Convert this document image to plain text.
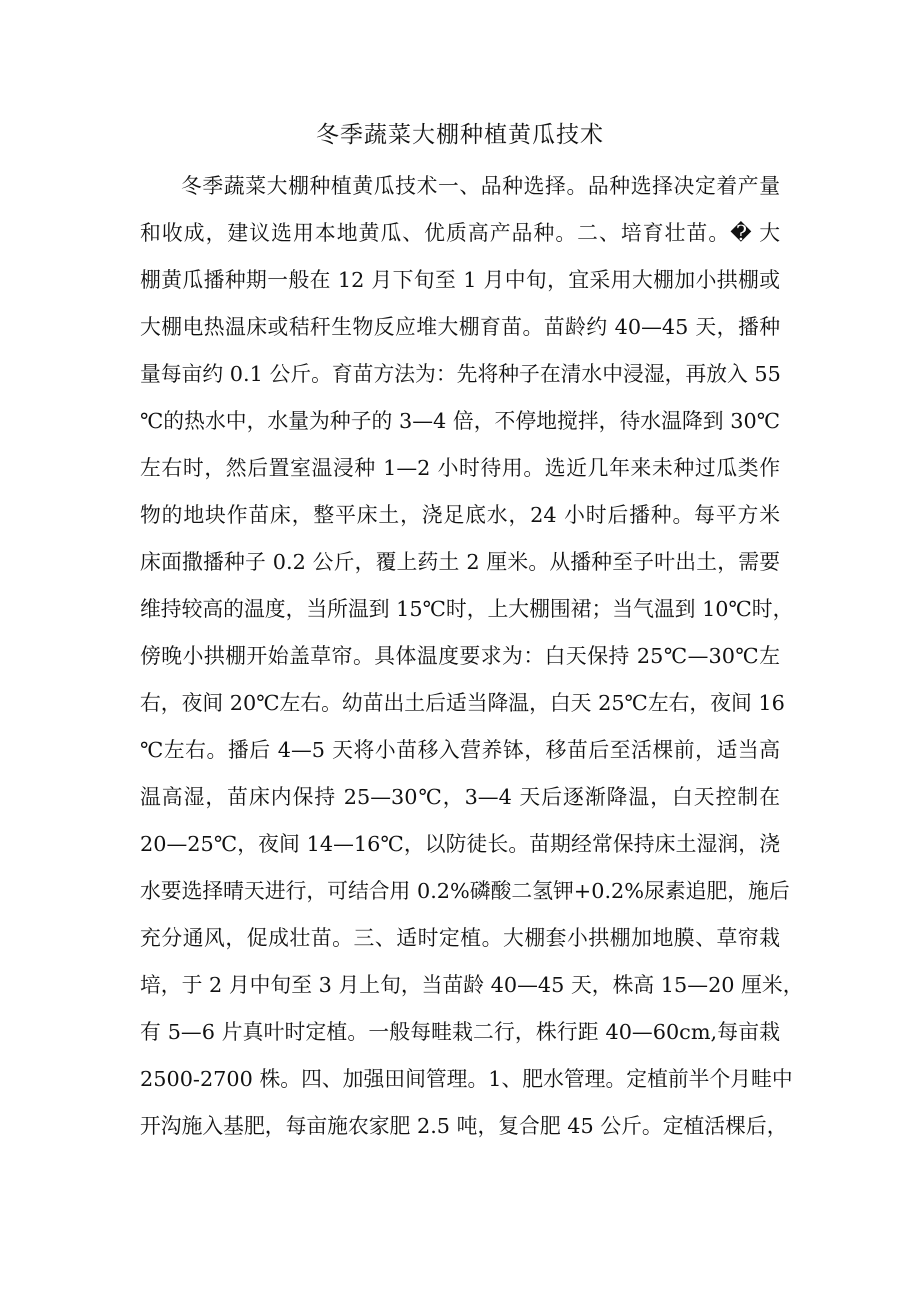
冬季蔬菜大棚种植黄瓜技术
冬季蔬菜大棚种植黄瓜技术一、品种选择。品种选择决定着产量
和收成，建议选用本地黄瓜、优质高产品种。二、培育壮苗。� 大
棚黄瓜播种期一般在 12 月下旬至 1 月中旬，宜采用大棚加小拱棚或
大棚电热温床或秸秆生物反应堆大棚育苗。苗龄约 40—45 天，播种
量每亩约 0.1 公斤。育苗方法为：先将种子在清水中浸湿，再放入 55
℃的热水中，水量为种子的 3—4 倍，不停地搅拌，待水温降到 30℃
左右时，然后置室温浸种 1—2 小时待用。选近几年来未种过瓜类作
物的地块作苗床，整平床土，浇足底水，24 小时后播种。每平方米
床面撒播种子 0.2 公斤，覆上药土 2 厘米。从播种至子叶出土，需要
维持较高的温度，当所温到 15℃时，上大棚围裙；当气温到 10℃时，
傍晚小拱棚开始盖草帘。具体温度要求为：白天保持 25℃—30℃左
右，夜间 20℃左右。幼苗出土后适当降温，白天 25℃左右，夜间 16
℃左右。播后 4—5 天将小苗移入营养钵，移苗后至活棵前，适当高
温高湿，苗床内保持 25—30℃，3—4 天后逐渐降温，白天控制在
20—25℃，夜间 14—16℃，以防徒长。苗期经常保持床土湿润，浇
水要选择晴天进行，可结合用 0.2%磷酸二氢钾+0.2%尿素追肥，施后
充分通风，促成壮苗。三、适时定植。大棚套小拱棚加地膜、草帘栽
培，于 2 月中旬至 3 月上旬，当苗龄 40—45 天，株高 15—20 厘米，
有 5—6 片真叶时定植。一般每畦栽二行，株行距 40—60cm,每亩栽
2500-2700 株。四、加强田间管理。1、肥水管理。定植前半个月畦中
开沟施入基肥，每亩施农家肥 2.5 吨，复合肥 45 公斤。定植活棵后，
